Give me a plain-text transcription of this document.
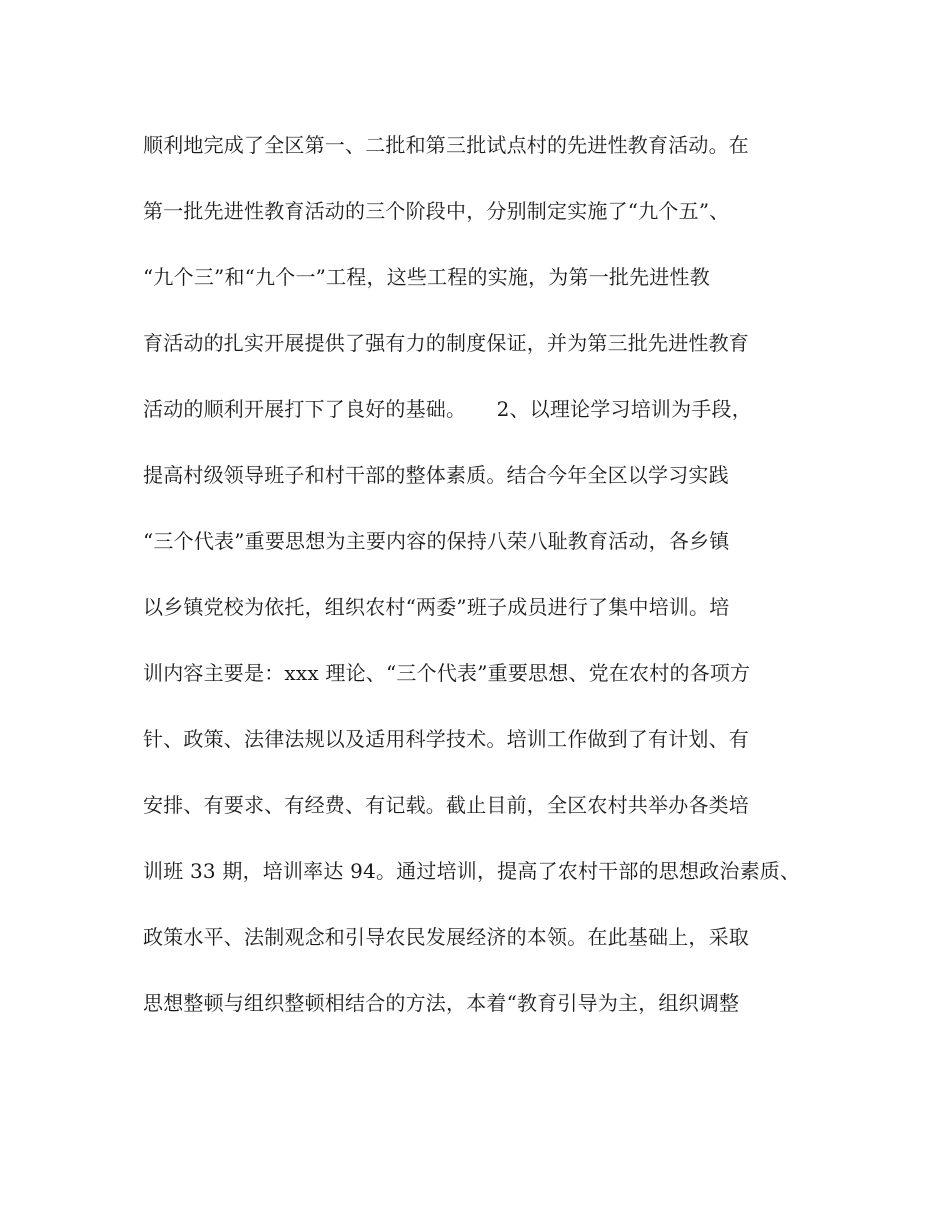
顺利地完成了全区第一、二批和第三批试点村的先进性教育活动。在
第一批先进性教育活动的三个阶段中，分别制定实施了“九个五”、
“九个三”和“九个一”工程，这些工程的实施，为第一批先进性教
育活动的扎实开展提供了强有力的制度保证，并为第三批先进性教育
活动的顺利开展打下了良好的基础。　　2、以理论学习培训为手段，
提高村级领导班子和村干部的整体素质。结合今年全区以学习实践
“三个代表”重要思想为主要内容的保持八荣八耻教育活动，各乡镇
以乡镇党校为依托，组织农村“两委”班子成员进行了集中培训。培
训内容主要是：xxx 理论、“三个代表”重要思想、党在农村的各项方
针、政策、法律法规以及适用科学技术。培训工作做到了有计划、有
安排、有要求、有经费、有记载。截止目前，全区农村共举办各类培
训班 33 期，培训率达 94。通过培训，提高了农村干部的思想政治素质、
政策水平、法制观念和引导农民发展经济的本领。在此基础上，采取
思想整顿与组织整顿相结合的方法，本着“教育引导为主，组织调整
